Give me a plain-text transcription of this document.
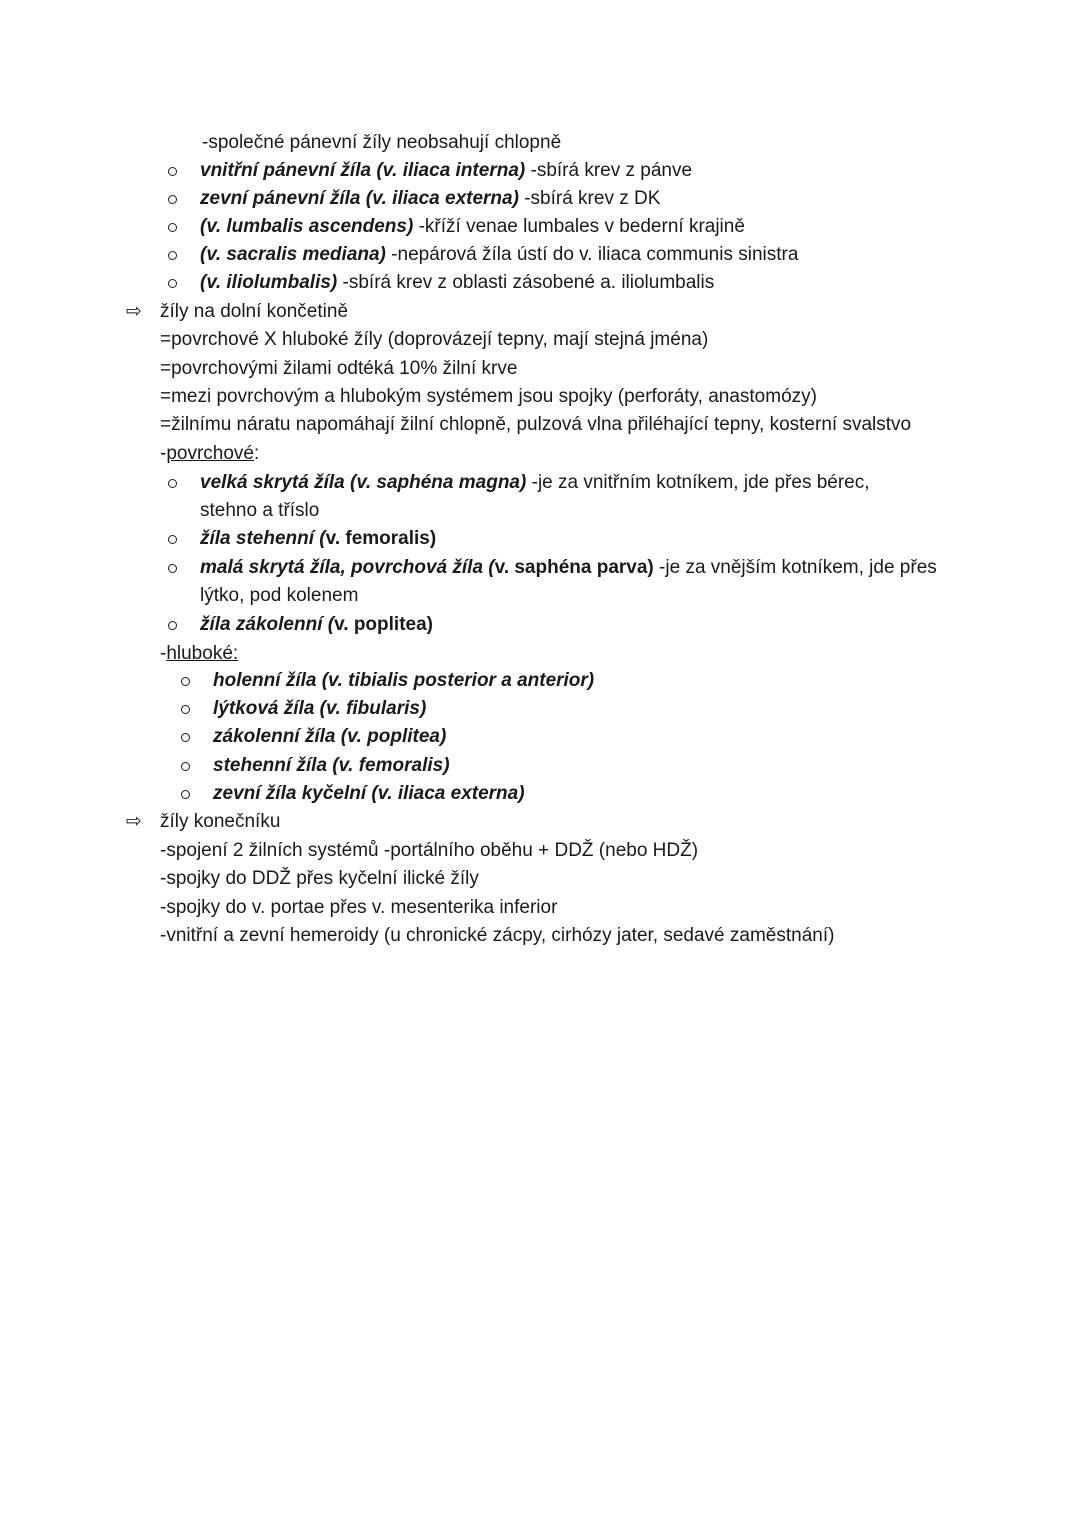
-společné pánevní žíly neobsahují chlopně
vnitřní pánevní žíla (v. iliaca interna) -sbírá krev z pánve
zevní pánevní žíla (v. iliaca externa) -sbírá krev z DK
(v. lumbalis ascendens) -kříží venae lumbales v bederní krajině
(v. sacralis mediana) -nepárová žíla ústí do v. iliaca communis sinistra
(v. iliolumbalis) -sbírá krev z oblasti zásobené a. iliolumbalis
⇨ žíly na dolní končetině
=povrchové X hluboké žíly (doprovázejí tepny, mají stejná jména)
=povrchovými žilami odtéká 10% žilní krve
=mezi povrchovým a hlubokým systémem jsou spojky (perforáty, anastomózy)
=žilnímu náratu napomáhají žilní chlopně, pulzová vlna přiléhající tepny, kosterní svalstvo
-povrchové:
velká skrytá žíla (v. saphéna magna) -je za vnitřním kotníkem, jde přes bérec,
stehno a tříslo
žíla stehenní (v. femoralis)
malá skrytá žíla, povrchová žíla (v. saphéna parva) -je za vnějším kotníkem, jde přes
lýtko, pod kolenem
žíla zákolenní (v. poplitea)
-hluboké:
holenní žíla (v. tibialis posterior a anterior)
lýtková žíla (v. fibularis)
zákolenní žíla (v. poplitea)
stehenní žíla (v. femoralis)
zevní žíla kyčelní (v. iliaca externa)
⇨ žíly konečníku
-spojení 2 žilních systémů -portálního oběhu + DDŽ (nebo HDŽ)
-spojky do DDŽ přes kyčelní ilické žíly
-spojky do v. portae přes v. mesenterika inferior
-vnitřní a zevní hemeroidy (u chronické zácpy, cirhózy jater, sedavé zaměstnání)
